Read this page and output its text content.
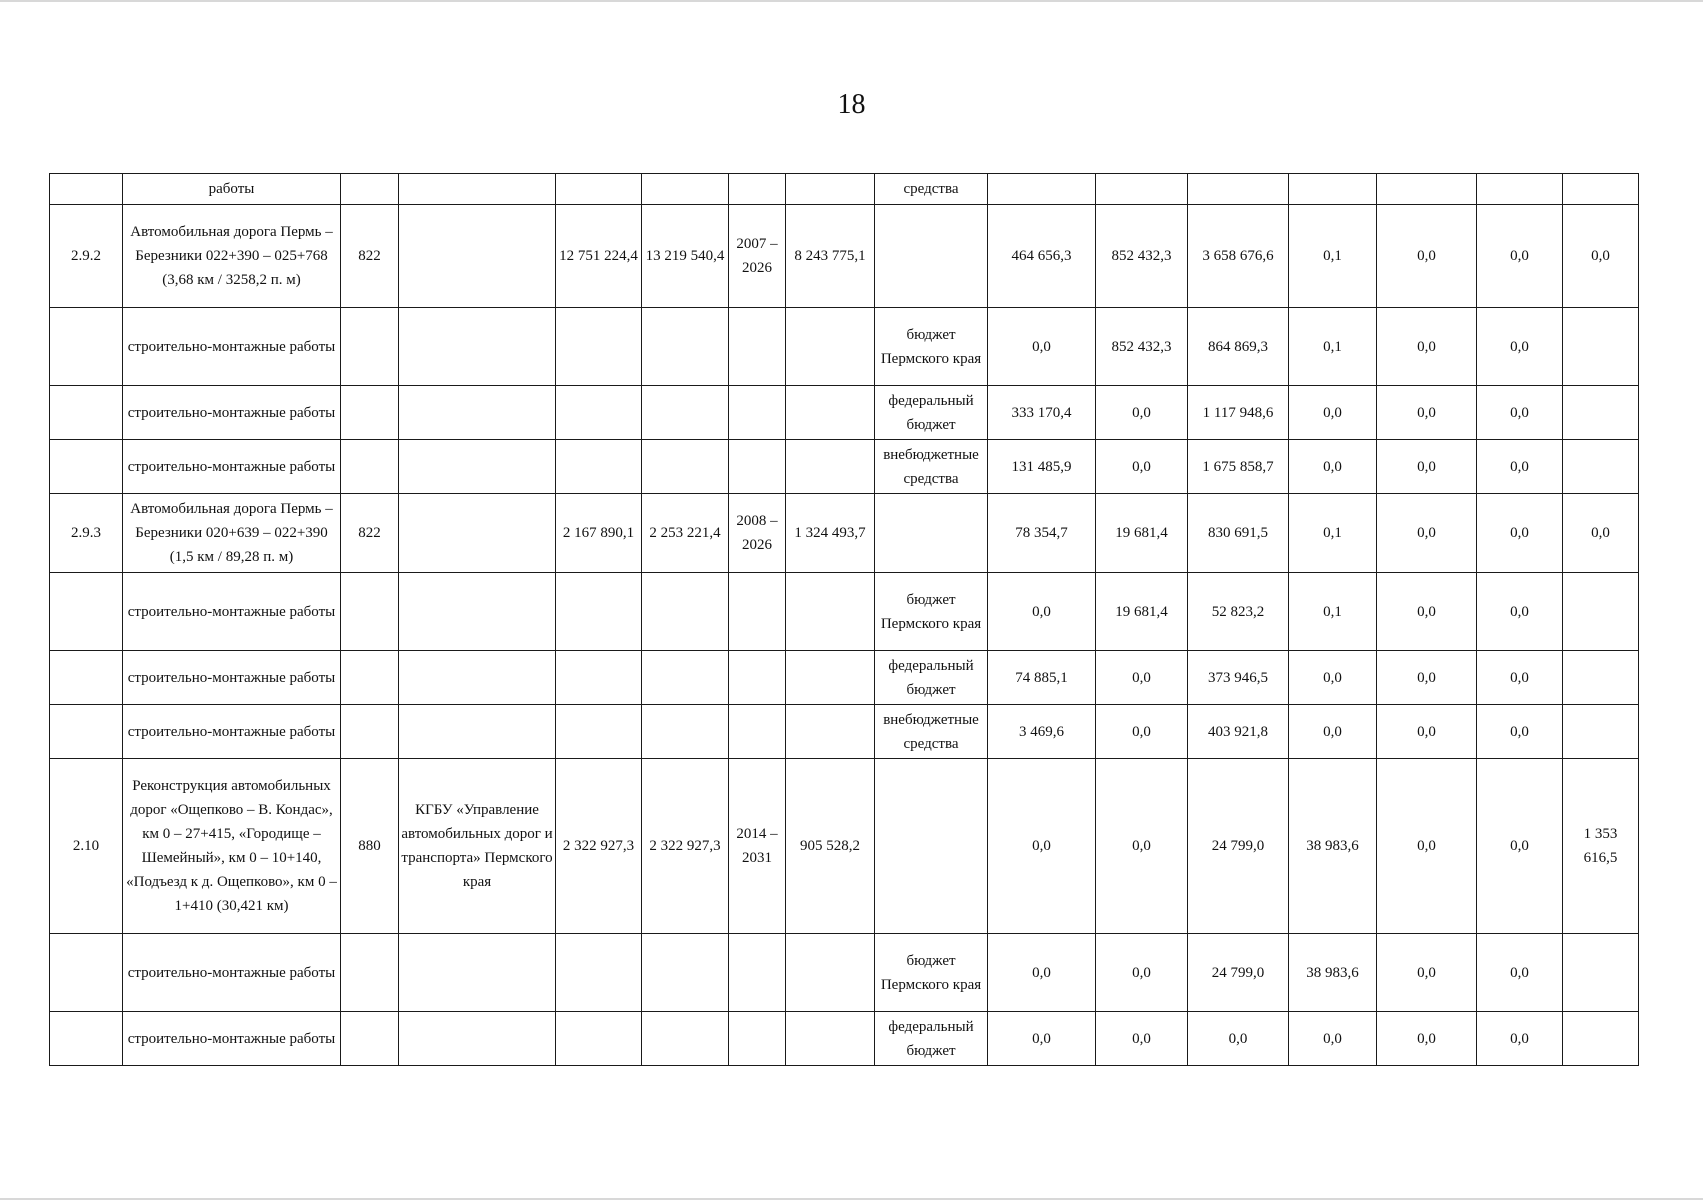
18
	работы							средства							
2.9.2	Автомобильная дорога Пермь – Березники 022+390 – 025+768 (3,68 км / 3258,2 п. м)	822		12 751 224,4	13 219 540,4	2007 – 2026	8 243 775,1		464 656,3	852 432,3	3 658 676,6	0,1	0,0	0,0	0,0
	строительно-монтажные работы							бюджет Пермского края	0,0	852 432,3	864 869,3	0,1	0,0	0,0	
	строительно-монтажные работы							федеральный бюджет	333 170,4	0,0	1 117 948,6	0,0	0,0	0,0	
	строительно-монтажные работы							внебюджетные средства	131 485,9	0,0	1 675 858,7	0,0	0,0	0,0	
2.9.3	Автомобильная дорога Пермь – Березники 020+639 – 022+390 (1,5 км / 89,28 п. м)	822		2 167 890,1	2 253 221,4	2008 – 2026	1 324 493,7		78 354,7	19 681,4	830 691,5	0,1	0,0	0,0	0,0
	строительно-монтажные работы							бюджет Пермского края	0,0	19 681,4	52 823,2	0,1	0,0	0,0	
	строительно-монтажные работы							федеральный бюджет	74 885,1	0,0	373 946,5	0,0	0,0	0,0	
	строительно-монтажные работы							внебюджетные средства	3 469,6	0,0	403 921,8	0,0	0,0	0,0	
2.10	Реконструкция автомобильных дорог «Ощепково – В. Кондас», км 0 – 27+415, «Городище – Шемейный», км 0 – 10+140, «Подъезд к д. Ощепково», км 0 – 1+410 (30,421 км)	880	КГБУ «Управление автомобильных дорог и транспорта» Пермского края	2 322 927,3	2 322 927,3	2014 – 2031	905 528,2		0,0	0,0	24 799,0	38 983,6	0,0	0,0	1 353 616,5
	строительно-монтажные работы							бюджет Пермского края	0,0	0,0	24 799,0	38 983,6	0,0	0,0	
	строительно-монтажные работы							федеральный бюджет	0,0	0,0	0,0	0,0	0,0	0,0	
